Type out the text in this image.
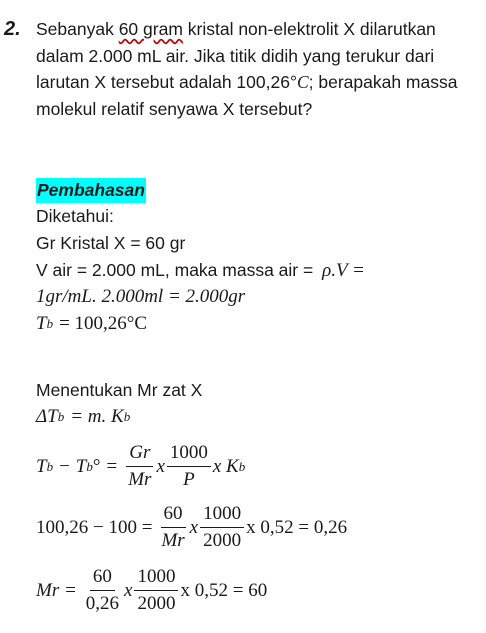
2. Sebanyak 60 gram kristal non-elektrolit X dilarutkan dalam 2.000 mL air. Jika titik didih yang terukur dari larutan X tersebut adalah 100,26°C; berapakah massa molekul relatif senyawa X tersebut?
Pembahasan
Diketahui:
Gr Kristal X = 60 gr
V air = 2.000 mL, maka massa air = ρ.V =
1gr/mL. 2.000ml = 2.000gr
T b = 100,26°C
Menentukan Mr zat X
ΔT b = m. K b
T b − T b ° = $\frac{Gr}{Mr}$ x $\frac{1000}{P}$ x K b
$100,26 - 100 = \frac{60}{Mr}$ x $\frac{1000}{2000}$ x 0,52 = 0,26
$Mr = \frac{60}{0,26}$ x $\frac{1000}{2000}$ x 0,52 = 60
